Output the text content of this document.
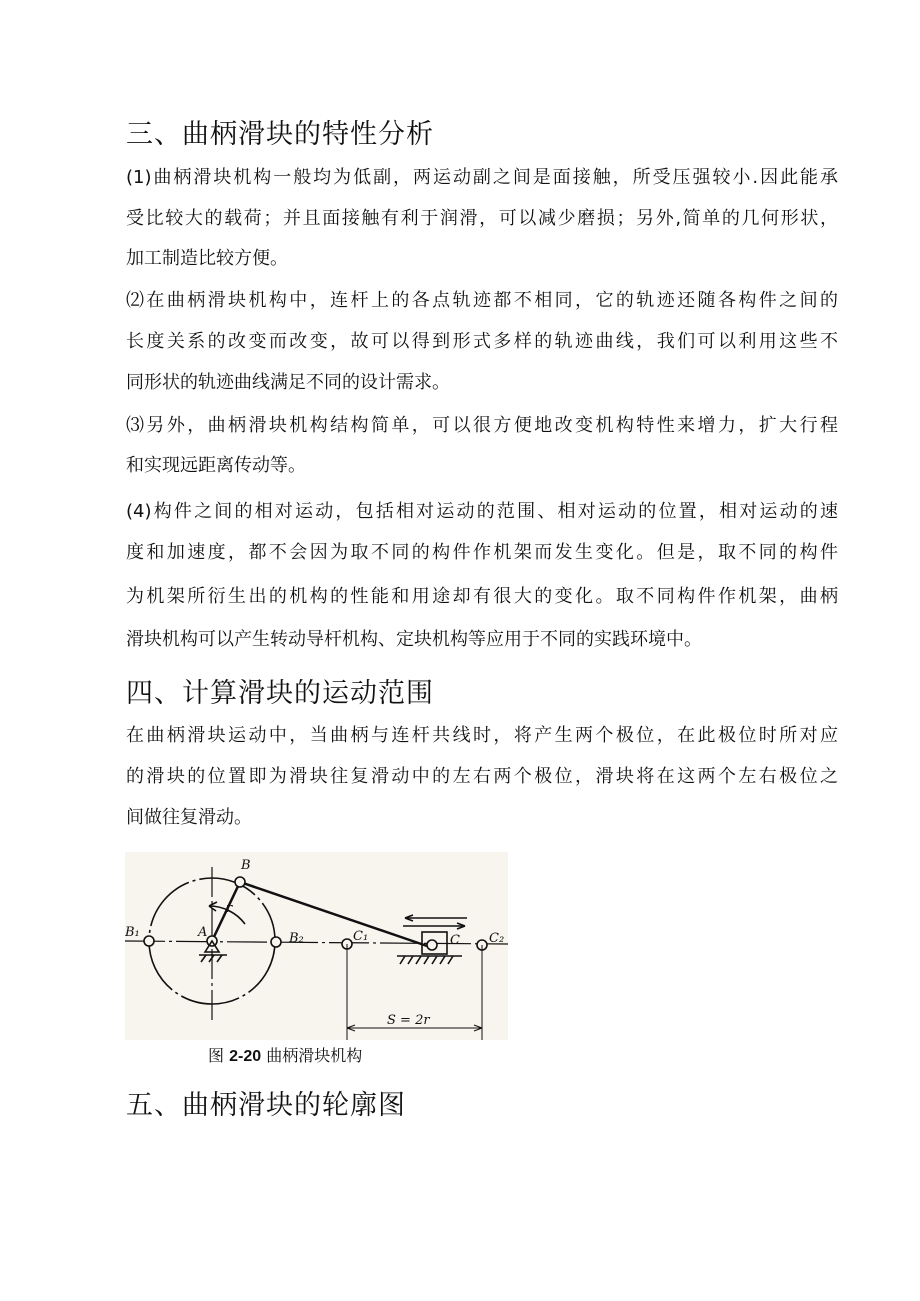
三、曲柄滑块的特性分析
(1)曲柄滑块机构一般均为低副，两运动副之间是面接触，所受压强较小.因此能承
受比较大的载荷；并且面接触有利于润滑，可以减少磨损；另外,简单的几何形状，
加工制造比较方便。
⑵在曲柄滑块机构中，连杆上的各点轨迹都不相同，它的轨迹还随各构件之间的
长度关系的改变而改变，故可以得到形式多样的轨迹曲线，我们可以利用这些不
同形状的轨迹曲线满足不同的设计需求。
⑶另外，曲柄滑块机构结构简单，可以很方便地改变机构特性来增力，扩大行程
和实现远距离传动等。
(4)构件之间的相对运动，包括相对运动的范围、相对运动的位置，相对运动的速
度和加速度，都不会因为取不同的构件作机架而发生变化。但是，取不同的构件
为机架所衍生出的机构的性能和用途却有很大的变化。取不同构件作机架，曲柄
滑块机构可以产生转动导杆机构、定块机构等应用于不同的实践环境中。
四、计算滑块的运动范围
在曲柄滑块运动中，当曲柄与连杆共线时，将产生两个极位，在此极位时所对应
的滑块的位置即为滑块往复滑动中的左右两个极位，滑块将在这两个左右极位之
间做往复滑动。
B
B₁	A	B₂	C₁	C C₂
r
S = 2r
图 2-20 曲柄滑块机构
五、曲柄滑块的轮廓图
